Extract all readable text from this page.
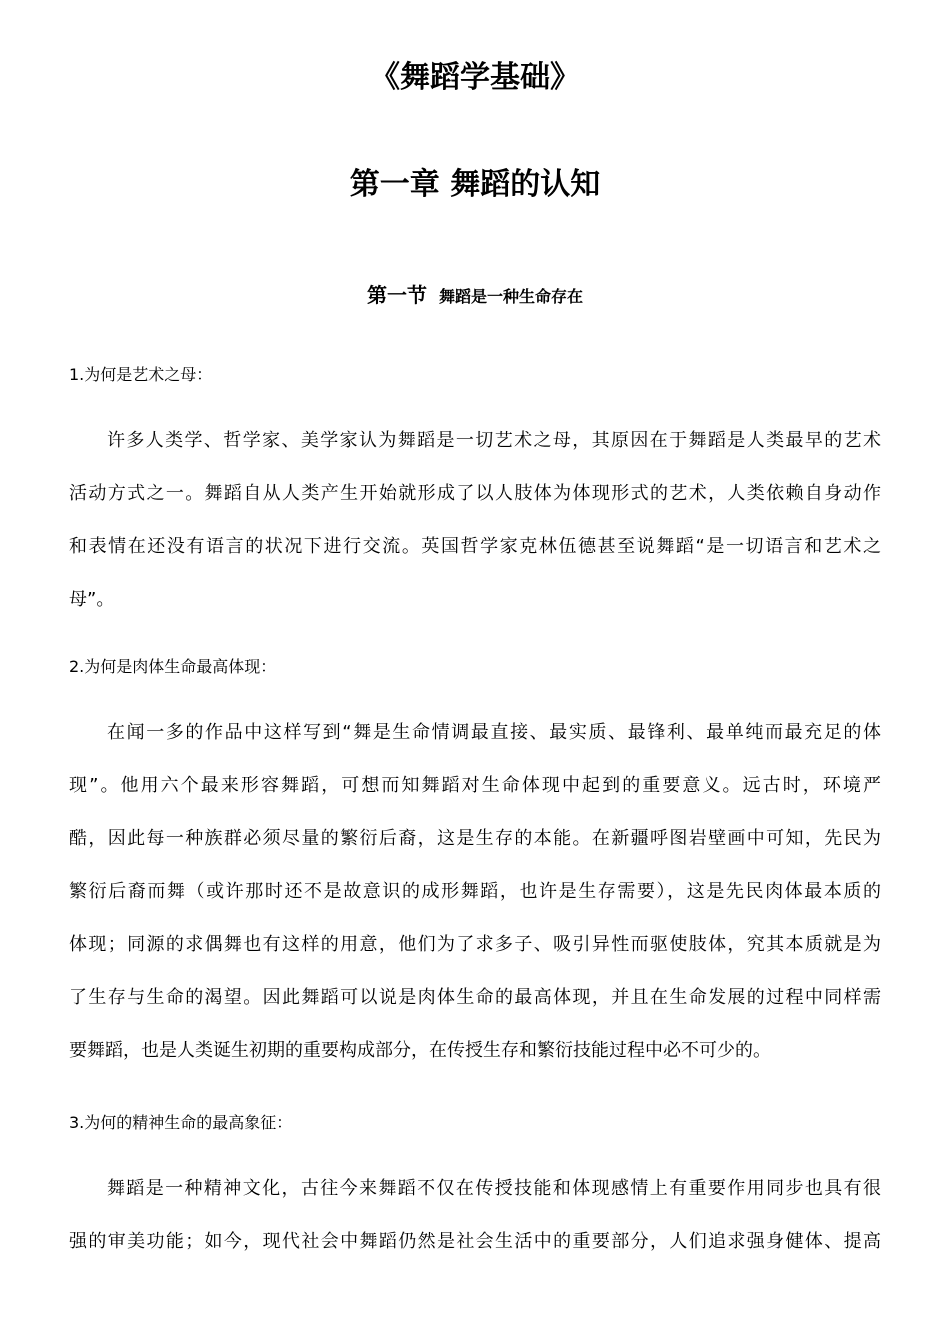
《舞蹈学基础》
第一章 舞蹈的认知
第一节 舞蹈是一种生命存在
1.为何是艺术之母：
许多人类学、哲学家、美学家认为舞蹈是一切艺术之母，其原因在于舞蹈是人类最早的艺术
活动方式之一。舞蹈自从人类产生开始就形成了以人肢体为体现形式的艺术，人类依赖自身动作
和表情在还没有语言的状况下进行交流。英国哲学家克林伍德甚至说舞蹈“是一切语言和艺术之
母”。
2.为何是肉体生命最高体现：
在闻一多的作品中这样写到“舞是生命情调最直接、最实质、最锋利、最单纯而最充足的体
现”。他用六个最来形容舞蹈，可想而知舞蹈对生命体现中起到的重要意义。远古时，环境严
酷，因此每一种族群必须尽量的繁衍后裔，这是生存的本能。在新疆呼图岩壁画中可知，先民为
繁衍后裔而舞（或许那时还不是故意识的成形舞蹈，也许是生存需要），这是先民肉体最本质的
体现；同源的求偶舞也有这样的用意，他们为了求多子、吸引异性而驱使肢体，究其本质就是为
了生存与生命的渴望。因此舞蹈可以说是肉体生命的最高体现，并且在生命发展的过程中同样需
要舞蹈，也是人类诞生初期的重要构成部分，在传授生存和繁衍技能过程中必不可少的。
3.为何的精神生命的最高象征：
舞蹈是一种精神文化，古往今来舞蹈不仅在传授技能和体现感情上有重要作用同步也具有很
强的审美功能；如今，现代社会中舞蹈仍然是社会生活中的重要部分，人们追求强身健体、提高
